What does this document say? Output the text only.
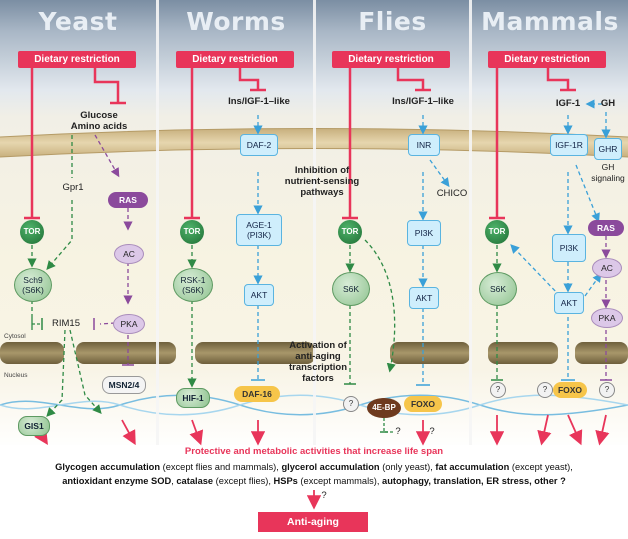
Yeast	Worms	Flies	Mammals
Dietary restriction	Dietary restriction	Dietary restriction	Dietary restriction
Cytosol
Nucleus
Glucose
Amino acids
Gpr1
RAS
TOR
AC
Sch9
(S6K)
RIM15	PKA
GIS1
MSN2/4
Ins/IGF-1–like
DAF-2
TOR
AGE-1
(PI3K)
RSK-1
(S6K)	AKT
HIF-1	DAF-16
Inhibition of
nutrient-sensing
pathways
Activation of
anti-aging
transcription
factors
Ins/IGF-1–like
INR
CHICO
TOR	PI3K
S6K
AKT
?	4E-BP	FOXO
?	?
IGF-1	GH
IGF-1R	GHR
GH
signaling
TOR
PI3K
RAS
S6K
AC
AKT
PKA
?	?	FOXO	?
Protective and metabolic activities that increase life span
Glycogen accumulation (except flies and mammals), glycerol accumulation (only yeast), fat accumulation (except yeast),
antioxidant enzyme SOD, catalase (except flies), HSPs (except mammals), autophagy, translation, ER stress, other ?
?
Anti-aging
